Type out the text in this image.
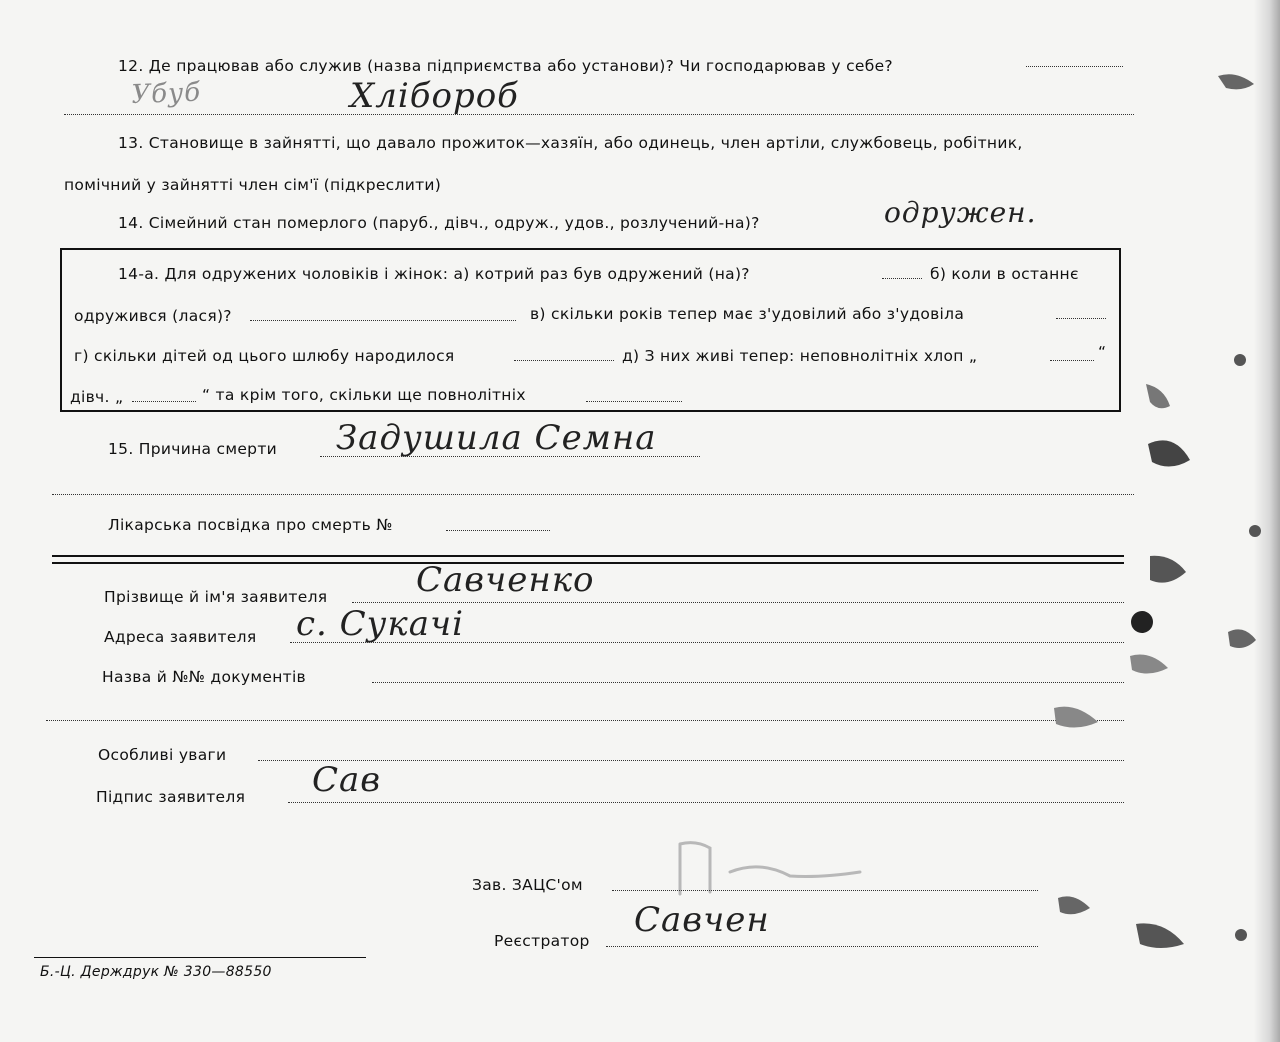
12. Де працював або служив (назва підприємства або установи)? Чи господарював у себе?
Убуб	Хлібороб
13. Становище в зайнятті, що давало прожиток—хазяїн, або одинець, член артіли, службовець, робітник,
помічний у зайнятті член сім'ї (підкреслити)
14. Сімейний стан померлого (паруб., дівч., одруж., удов., розлучений-на)?	одружен.
14-а. Для одружених чоловіків і жінок: а) котрий раз був одружений (на)?	б) коли в останнє
одружився (лася)?	в) скільки років тепер має з'удовілий або з'удовіла
г) скільки дітей од цього шлюбу народилося	д) З них живі тепер: неповнолітніх хлоп „	“
дівч. „	“ та крім того, скільки ще повнолітніх
15. Причина смерти Задушила Семна
Лікарська посвідка про смерть №
Прізвище й ім'я заявителя	Савченко
Адреса заявителя с. Сукачі
Назва й №№ документів
Особливі уваги
Підпис заявителя Сав
Зав. ЗАЦС'ом
Реєстратор
Савчен
Б.-Ц. Держдрук № 330—88550
